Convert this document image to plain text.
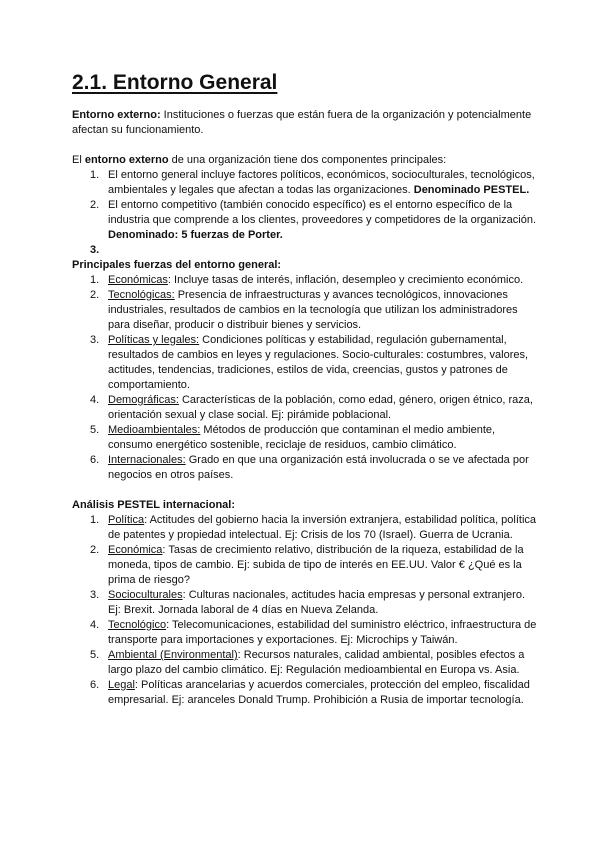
2.1. Entorno General

Entorno externo: Instituciones o fuerzas que están fuera de la organización y potencialmente afectan su funcionamiento.

El entorno externo de una organización tiene dos componentes principales:

1. El entorno general incluye factores políticos, económicos, socioculturales, tecnológicos, ambientales y legales que afectan a todas las organizaciones. Denominado PESTEL.
2. El entorno competitivo (también conocido específico) es el entorno específico de la industria que comprende a los clientes, proveedores y competidores de la organización. Denominado: 5 fuerzas de Porter.
3.

Principales fuerzas del entorno general:

1. Económicas: Incluye tasas de interés, inflación, desempleo y crecimiento económico.
2. Tecnológicas: Presencia de infraestructuras y avances tecnológicos, innovaciones industriales, resultados de cambios en la tecnología que utilizan los administradores para diseñar, producir o distribuir bienes y servicios.
3. Políticas y legales: Condiciones políticas y estabilidad, regulación gubernamental, resultados de cambios en leyes y regulaciones. Socio-culturales: costumbres, valores, actitudes, tendencias, tradiciones, estilos de vida, creencias, gustos y patrones de comportamiento.
4. Demográficas: Características de la población, como edad, género, origen étnico, raza, orientación sexual y clase social. Ej: pirámide poblacional.
5. Medioambientales: Métodos de producción que contaminan el medio ambiente, consumo energético sostenible, reciclaje de residuos, cambio climático.
6. Internacionales: Grado en que una organización está involucrada o se ve afectada por negocios en otros países.

Análisis PESTEL internacional:

1. Política: Actitudes del gobierno hacia la inversión extranjera, estabilidad política, política de patentes y propiedad intelectual. Ej: Crisis de los 70 (Israel). Guerra de Ucrania.
2. Económica: Tasas de crecimiento relativo, distribución de la riqueza, estabilidad de la moneda, tipos de cambio. Ej: subida de tipo de interés en EE.UU. Valor € ¿Qué es la prima de riesgo?
3. Socioculturales: Culturas nacionales, actitudes hacia empresas y personal extranjero. Ej: Brexit. Jornada laboral de 4 días en Nueva Zelanda.
4. Tecnológico: Telecomunicaciones, estabilidad del suministro eléctrico, infraestructura de transporte para importaciones y exportaciones. Ej: Microchips y Taiwán.
5. Ambiental (Environmental): Recursos naturales, calidad ambiental, posibles efectos a largo plazo del cambio climático. Ej: Regulación medioambiental en Europa vs. Asia.
6. Legal: Políticas arancelarias y acuerdos comerciales, protección del empleo, fiscalidad empresarial. Ej: aranceles Donald Trump. Prohibición a Rusia de importar tecnología.
